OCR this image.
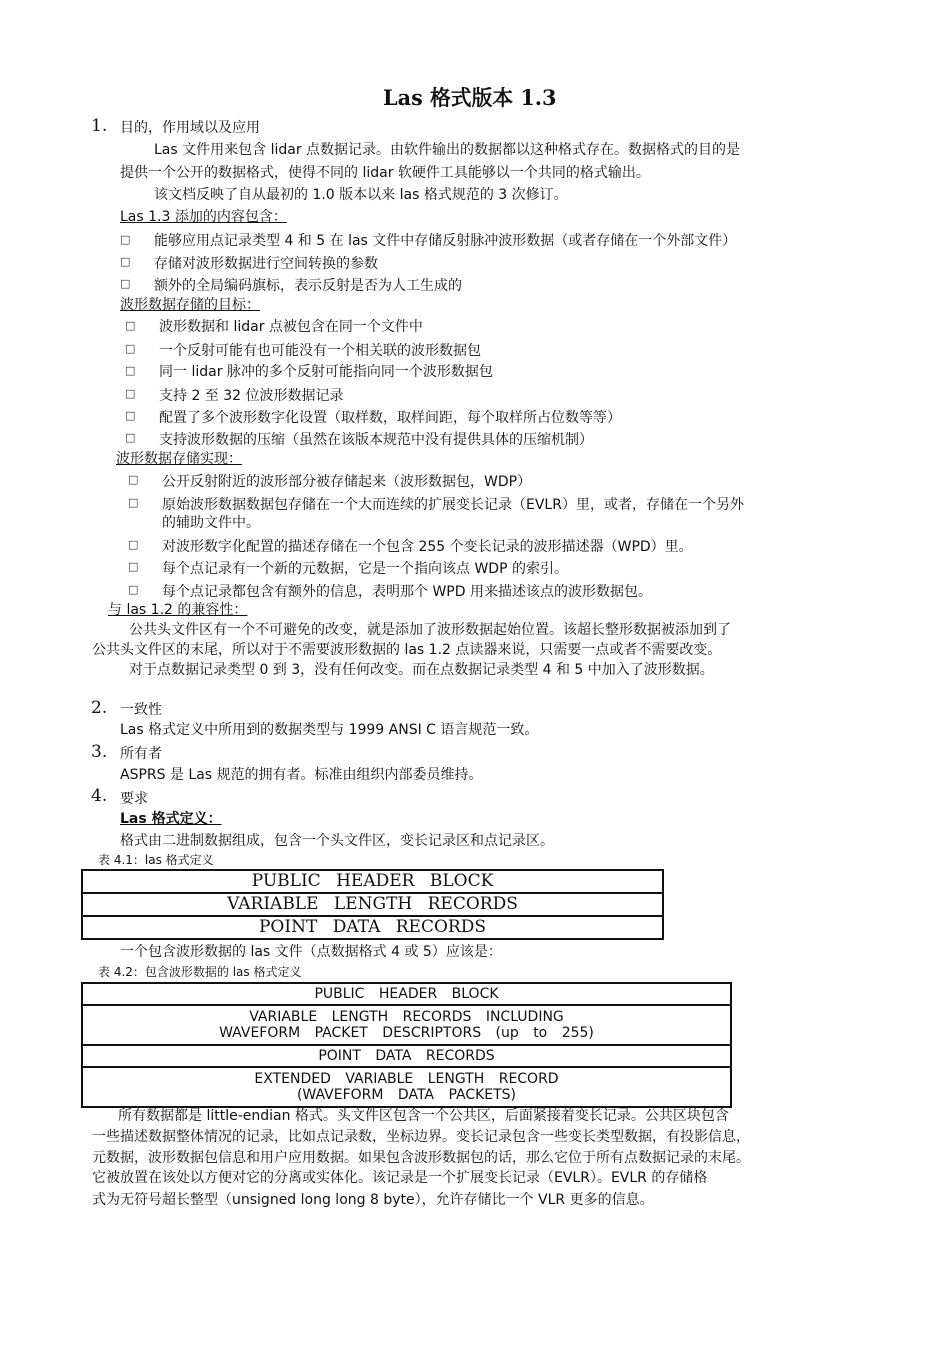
Las 格式版本 1.3
1. 目的，作用域以及应用
Las 文件用来包含 lidar 点数据记录。由软件输出的数据都以这种格式存在。数据格式的目的是
提供一个公开的数据格式，使得不同的 lidar 软硬件工具能够以一个共同的格式输出。
该文档反映了自从最初的 1.0 版本以来 las 格式规范的 3 次修订。
Las 1.3 添加的内容包含：
□ 能够应用点记录类型 4 和 5 在 las 文件中存储反射脉冲波形数据（或者存储在一个外部文件）
□ 存储对波形数据进行空间转换的参数
□ 额外的全局编码旗标，表示反射是否为人工生成的
波形数据存储的目标：
□ 波形数据和 lidar 点被包含在同一个文件中
□ 一个反射可能有也可能没有一个相关联的波形数据包
□ 同一 lidar 脉冲的多个反射可能指向同一个波形数据包
□ 支持 2 至 32 位波形数据记录
□ 配置了多个波形数字化设置（取样数，取样间距，每个取样所占位数等等）
□ 支持波形数据的压缩（虽然在该版本规范中没有提供具体的压缩机制）
波形数据存储实现：
□ 公开反射附近的波形部分被存储起来（波形数据包，WDP）
□ 原始波形数据数据包存储在一个大而连续的扩展变长记录（EVLR）里，或者，存储在一个另外
的辅助文件中。
□ 对波形数字化配置的描述存储在一个包含 255 个变长记录的波形描述器（WPD）里。
□ 每个点记录有一个新的元数据，它是一个指向该点 WDP 的索引。
□ 每个点记录都包含有额外的信息，表明那个 WPD 用来描述该点的波形数据包。
与 las 1.2 的兼容性：
公共头文件区有一个不可避免的改变，就是添加了波形数据起始位置。该超长整形数据被添加到了
公共头文件区的末尾，所以对于不需要波形数据的 las 1.2 点读器来说，只需要一点或者不需要改变。
对于点数据记录类型 0 到 3，没有任何改变。而在点数据记录类型 4 和 5 中加入了波形数据。
2. 一致性
Las 格式定义中所用到的数据类型与 1999 ANSI C 语言规范一致。
3. 所有者
ASPRS 是 Las 规范的拥有者。标准由组织内部委员维持。
4. 要求
Las 格式定义：
格式由二进制数据组成，包含一个头文件区，变长记录区和点记录区。
表 4.1：las 格式定义
PUBLIC HEADER BLOCK
VARIABLE LENGTH RECORDS
POINT DATA RECORDS
一个包含波形数据的 las 文件（点数据格式 4 或 5）应该是：
表 4.2：包含波形数据的 las 格式定义
PUBLIC HEADER BLOCK
VARIABLE LENGTH RECORDS INCLUDING
WAVEFORM PACKET DESCRIPTORS (up to 255)
POINT DATA RECORDS
EXTENDED VARIABLE LENGTH RECORD
(WAVEFORM DATA PACKETS)
所有数据都是 little-endian 格式。头文件区包含一个公共区，后面紧接着变长记录。公共区块包含
一些描述数据整体情况的记录，比如点记录数，坐标边界。变长记录包含一些变长类型数据，有投影信息，
元数据，波形数据包信息和用户应用数据。如果包含波形数据包的话，那么它位于所有点数据记录的末尾。
它被放置在该处以方便对它的分离或实体化。该记录是一个扩展变长记录（EVLR）。EVLR 的存储格
式为无符号超长整型（unsigned long long 8 byte），允许存储比一个 VLR 更多的信息。
